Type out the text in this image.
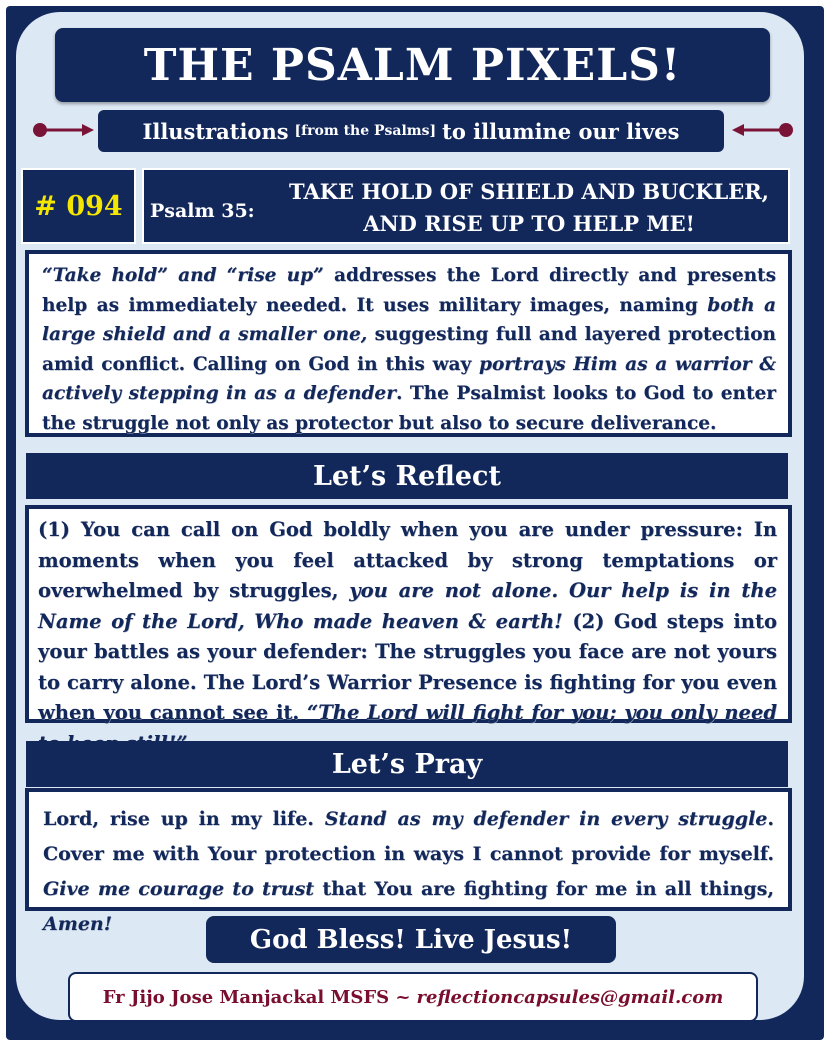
THE PSALM PIXELS!
Illustrations [from the Psalms] to illumine our lives
# 094 Psalm 35:
TAKE HOLD OF SHIELD AND BUCKLER,
AND RISE UP TO HELP ME!
“Take hold” and “rise up” addresses the Lord directly and presents help as immediately needed. It uses military images, naming both a large shield and a smaller one, suggesting full and layered protection amid conflict. Calling on God in this way portrays Him as a warrior & actively stepping in as a defender. The Psalmist looks to God to enter the struggle not only as protector but also to secure deliverance.
Let’s Reflect
(1) You can call on God boldly when you are under pressure: In moments when you feel attacked by strong temptations or overwhelmed by struggles, you are not alone. Our help is in the Name of the Lord, Who made heaven & earth! (2) God steps into your battles as your defender: The struggles you face are not yours to carry alone. The Lord’s Warrior Presence is fighting for you even when you cannot see it. “The Lord will fight for you; you only need
Let’s Pray
Lord, rise up in my life. Stand as my defender in every struggle. Cover me with Your protection in ways I cannot provide for myself. Give me courage to trust that You are fighting for me in all things, Amen!
God Bless! Live Jesus!
Fr Jijo Jose Manjackal MSFS ~ reflectioncapsules@gmail.com
